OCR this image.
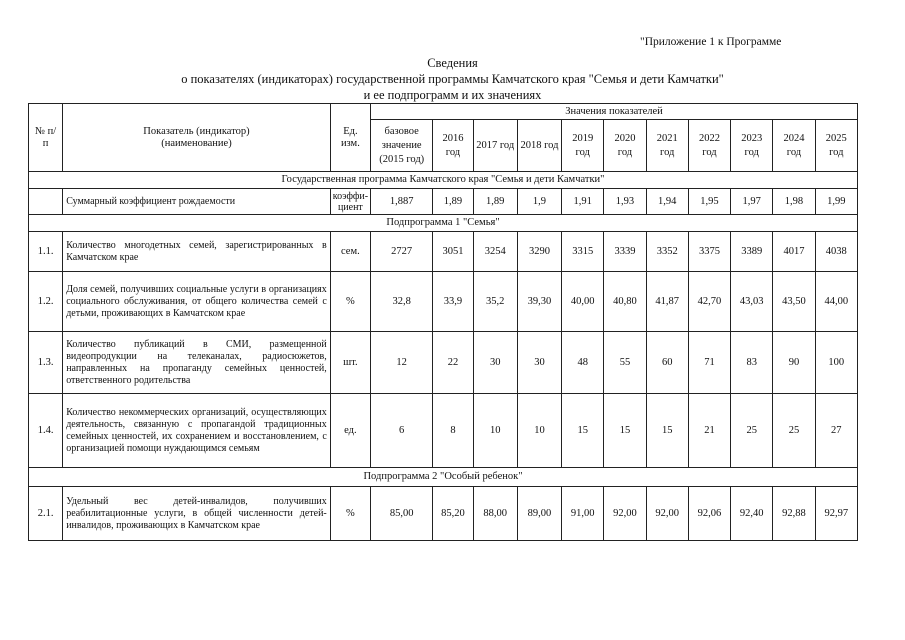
"Приложение 1 к Программе
Сведения
о показателях (индикаторах) государственной программы Камчатского края "Семья и дети Камчатки"
и ее подпрограмм и их значениях
№ п/п	Показатель (индикатор) (наименование)	Ед. изм.	Значения показателей										
			базовое значение (2015 год)	2016 год	2017 год	2018 год	2019 год	2020 год	2021 год	2022 год	2023 год	2024 год	2025 год
Государственная программа Камчатского края "Семья и дети Камчатки"													
	Суммарный коэффициент рождаемости	коэффи-циент	1,887	1,89	1,89	1,9	1,91	1,93	1,94	1,95	1,97	1,98	1,99
Подпрограмма 1 "Семья"													
1.1.	Количество многодетных семей, зарегистрированных в Камчатском крае	сем.	2727	3051	3254	3290	3315	3339	3352	3375	3389	4017	4038
1.2.	Доля семей, получивших социальные услуги в организациях социального обслуживания, от общего количества семей с детьми, проживающих в Камчатском крае	%	32,8	33,9	35,2	39,30	40,00	40,80	41,87	42,70	43,03	43,50	44,00
1.3.	Количество публикаций в СМИ, размещенной видеопродукции на телеканалах, радиосюжетов, направленных на пропаганду семейных ценностей, ответственного родительства	шт.	12	22	30	30	48	55	60	71	83	90	100
1.4.	Количество некоммерческих организаций, осуществляющих деятельность, связанную с пропагандой традиционных семейных ценностей, их сохранением и восстановлением, с организацией помощи нуждающимся семьям	ед.	6	8	10	10	15	15	15	21	25	25	27
Подпрограмма 2 "Особый ребенок"													
2.1.	Удельный вес детей-инвалидов, получивших реабилитационные услуги, в общей численности детей-инвалидов, проживающих в Камчатском крае	%	85,00	85,20	88,00	89,00	91,00	92,00	92,00	92,06	92,40	92,88	92,97
